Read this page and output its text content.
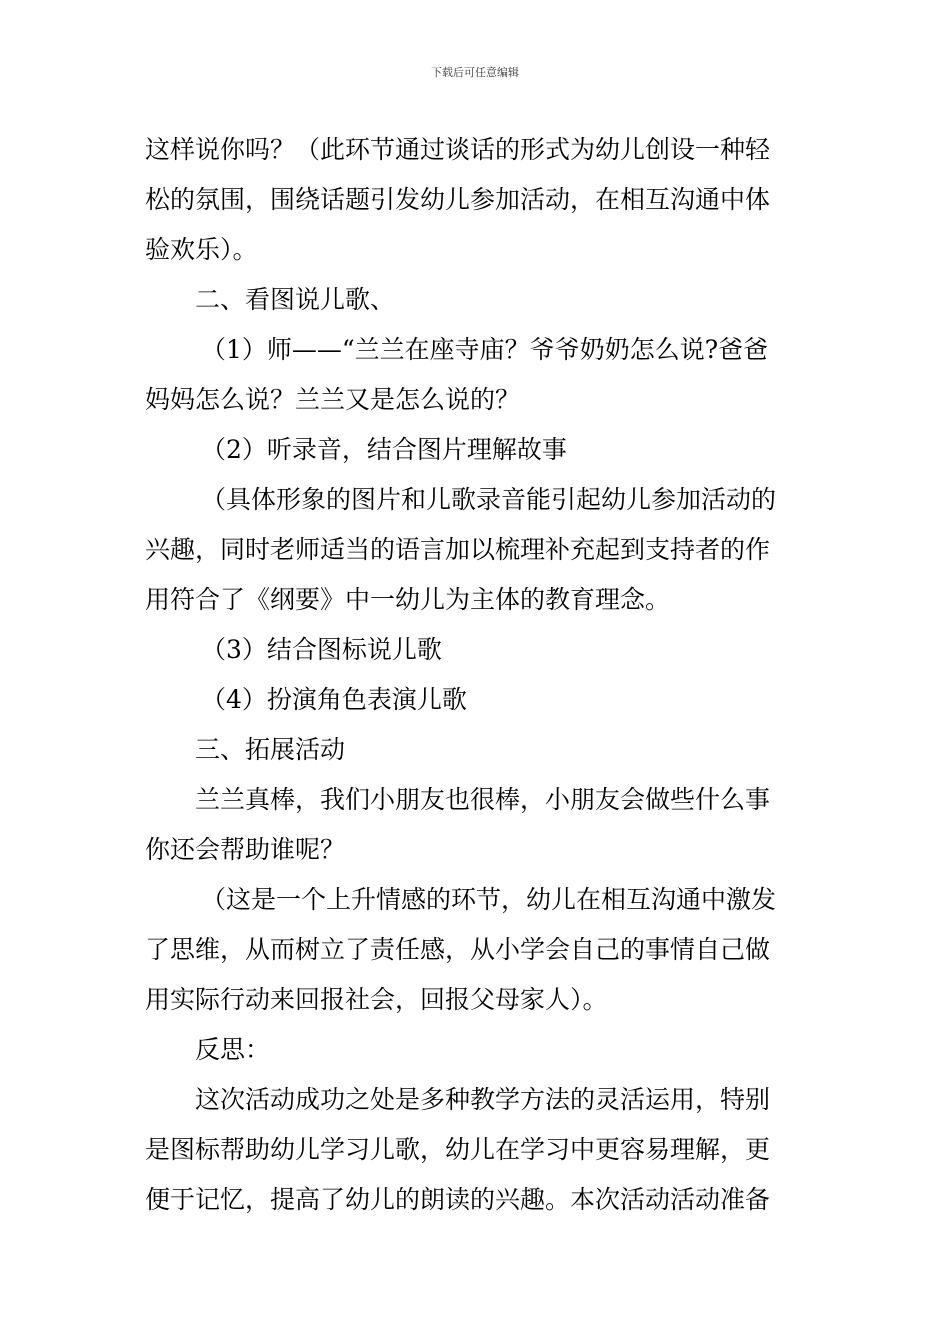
下载后可任意编辑
这样说你吗？（此环节通过谈话的形式为幼儿创设一种轻
松的氛围，围绕话题引发幼儿参加活动，在相互沟通中体
验欢乐）。
二、看图说儿歌、
（1）师——“兰兰在座寺庙？爷爷奶奶怎么说?爸爸
妈妈怎么说？兰兰又是怎么说的？
（2）听录音，结合图片理解故事
（具体形象的图片和儿歌录音能引起幼儿参加活动的
兴趣，同时老师适当的语言加以梳理补充起到支持者的作
用符合了《纲要》中一幼儿为主体的教育理念。
（3）结合图标说儿歌
（4）扮演角色表演儿歌
三、拓展活动
兰兰真棒，我们小朋友也很棒，小朋友会做些什么事
你还会帮助谁呢？
（这是一个上升情感的环节，幼儿在相互沟通中激发
了思维，从而树立了责任感，从小学会自己的事情自己做
用实际行动来回报社会，回报父母家人）。
反思：
这次活动成功之处是多种教学方法的灵活运用，特别
是图标帮助幼儿学习儿歌，幼儿在学习中更容易理解，更
便于记忆，提高了幼儿的朗读的兴趣。本次活动活动准备
